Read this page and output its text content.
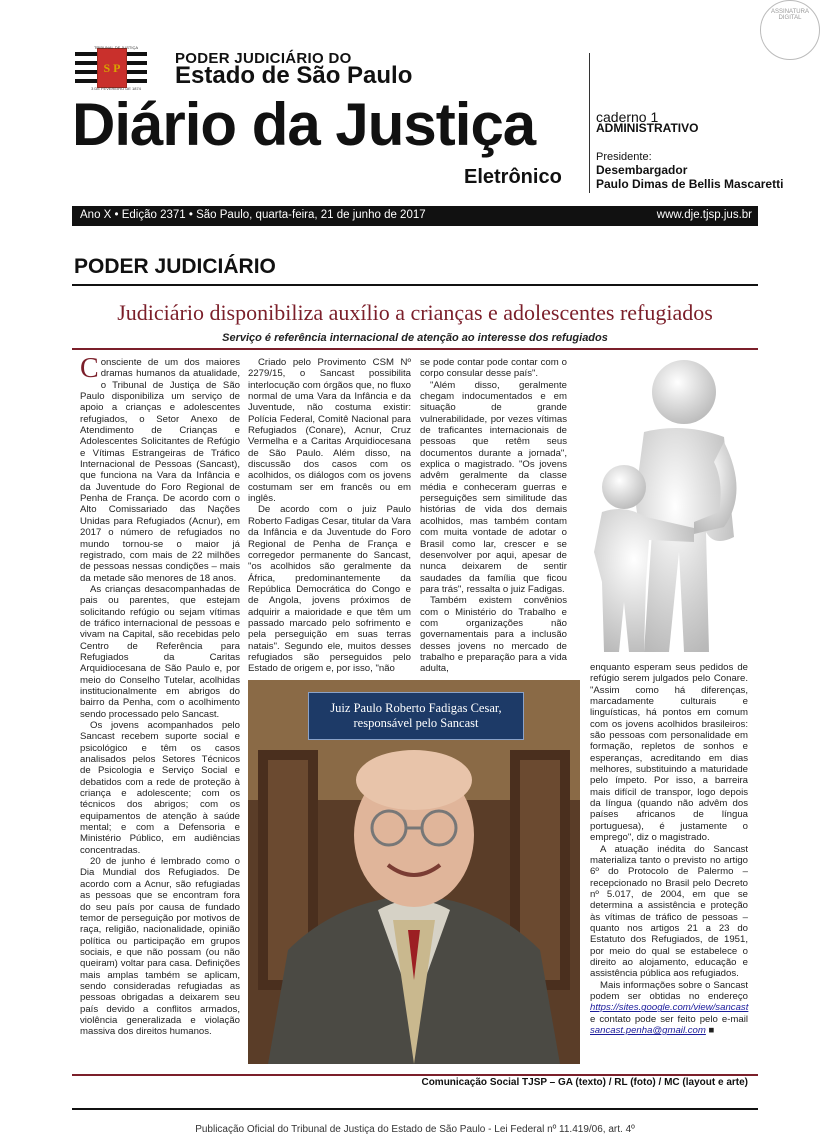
S P
TRIBUNAL DE JUSTIÇA
3 DE FEVEREIRO DE 1874
PODER JUDICIÁRIO DO
Estado de São Paulo
Diário da Justiça
Eletrônico
caderno 1
ADMINISTRATIVO
Presidente:
Desembargador
Paulo Dimas de Bellis Mascaretti
ASSINATURA DIGITAL
Ano X • Edição 2371 • São Paulo, quarta-feira, 21 de junho de 2017	www.dje.tjsp.jus.br
PODER JUDICIÁRIO
Judiciário disponibiliza auxílio a crianças e adolescentes refugiados
Serviço é referência internacional de atenção ao interesse dos refugiados

Consciente de um dos maiores dramas humanos da atualidade, o Tribunal de Justiça de São Paulo disponibiliza um serviço de apoio a crianças e adolescentes refugiados, o Setor Anexo de Atendimento de Crianças e Adolescentes Solicitantes de Refúgio e Vítimas Estrangeiras de Tráfico Internacional de Pessoas (Sancast), que funciona na Vara da Infância e da Juventude do Foro Regional de Penha de França. De acordo com o Alto Comissariado das Nações Unidas para Refugiados (Acnur), em 2017 o número de refugiados no mundo tornou-se o maior já registrado, com mais de 22 milhões de pessoas nessas condições – mais da metade são menores de 18 anos.

As crianças desacompanhadas de pais ou parentes, que estejam solicitando refúgio ou sejam vítimas de tráfico internacional de pessoas e vivam na Capital, são recebidas pelo Centro de Referência para Refugiados da Caritas Arquidiocesana de São Paulo e, por meio do Conselho Tutelar, acolhidas institucionalmente em abrigos do bairro da Penha, com o acolhimento sendo processado pelo Sancast.

Os jovens acompanhados pelo Sancast recebem suporte social e psicológico e têm os casos analisados pelos Setores Técnicos de Psicologia e Serviço Social e debatidos com a rede de proteção à criança e adolescente; com os técnicos dos abrigos; com os equipamentos de atenção à saúde mental; e com a Defensoria e Ministério Público, em audiências concentradas.

20 de junho é lembrado como o Dia Mundial dos Refugiados. De acordo com a Acnur, são refugiadas as pessoas que se encontram fora do seu país por causa de fundado temor de perseguição por motivos de raça, religião, nacionalidade, opinião política ou participação em grupos sociais, e que não possam (ou não queiram) voltar para casa. Definições mais amplas também se aplicam, sendo consideradas refugiadas as pessoas obrigadas a deixarem seu país devido a conflitos armados, violência generalizada e violação massiva dos direitos humanos.

Criado pelo Provimento CSM Nº 2279/15, o Sancast possibilita interlocução com órgãos que, no fluxo normal de uma Vara da Infância e da Juventude, não costuma existir: Polícia Federal, Comitê Nacional para Refugiados (Conare), Acnur, Cruz Vermelha e a Caritas Arquidiocesana de São Paulo. Além disso, na discussão dos casos com os acolhidos, os diálogos com os jovens costumam ser em francês ou em inglês.

De acordo com o juiz Paulo Roberto Fadigas Cesar, titular da Vara da Infância e da Juventude do Foro Regional de Penha de França e corregedor permanente do Sancast, "os acolhidos são geralmente da África, predominantemente da República Democrática do Congo e de Angola, jovens próximos de adquirir a maioridade e que têm um passado marcado pelo sofrimento e pela perseguição em suas terras natais". Segundo ele, muitos desses refugiados são perseguidos pelo Estado de origem e, por isso, "não

se pode contar pode contar com o corpo consular desse país".

"Além disso, geralmente chegam indocumentados e em situação de grande vulnerabilidade, por vezes vítimas de traficantes internacionais de pessoas que retêm seus documentos durante a jornada", explica o magistrado. "Os jovens advêm geralmente da classe média e conheceram guerras e perseguições sem similitude das histórias de vida dos demais acolhidos, mas também contam com muita vontade de adotar o Brasil como lar, crescer e se desenvolver por aqui, apesar de nunca deixarem de sentir saudades da família que ficou para trás", ressalta o juiz Fadigas.

Também existem convênios com o Ministério do Trabalho e com organizações não governamentais para a inclusão desses jovens no mercado de trabalho e preparação para a vida adulta,	enquanto esperam seus pedidos de refúgio serem julgados pelo Conare. "Assim como há diferenças, marcadamente culturais e linguísticas, há pontos em comum com os jovens acolhidos brasileiros: são pessoas com personalidade em formação, repletos de sonhos e esperanças, acreditando em dias melhores, substituindo a maturidade pelo ímpeto. Por isso, a barreira mais difícil de transpor, logo depois da língua (quando não advêm dos países africanos de língua portuguesa), é justamente o emprego", diz o magistrado.

A atuação inédita do Sancast materializa tanto o previsto no artigo 6º do Protocolo de Palermo – recepcionado no Brasil pelo Decreto nº 5.017, de 2004, em que se determina a assistência e proteção às vítimas de tráfico de pessoas – quanto nos artigos 21 a 23 do Estatuto dos Refugiados, de 1951, por meio do qual se estabelece o direito ao alojamento, educação e assistência pública aos refugiados.

Mais informações sobre o Sancast podem ser obtidas no endereço https://sites.google.com/view/sancast e contato pode ser feito pelo e-mail sancast.penha@gmail.com ■

Juiz Paulo Roberto Fadigas Cesar,
responsável pelo Sancast
Comunicação Social TJSP – GA (texto) / RL (foto) / MC (layout e arte)
Publicação Oficial do Tribunal de Justiça do Estado de São Paulo - Lei Federal nº 11.419/06, art. 4º
